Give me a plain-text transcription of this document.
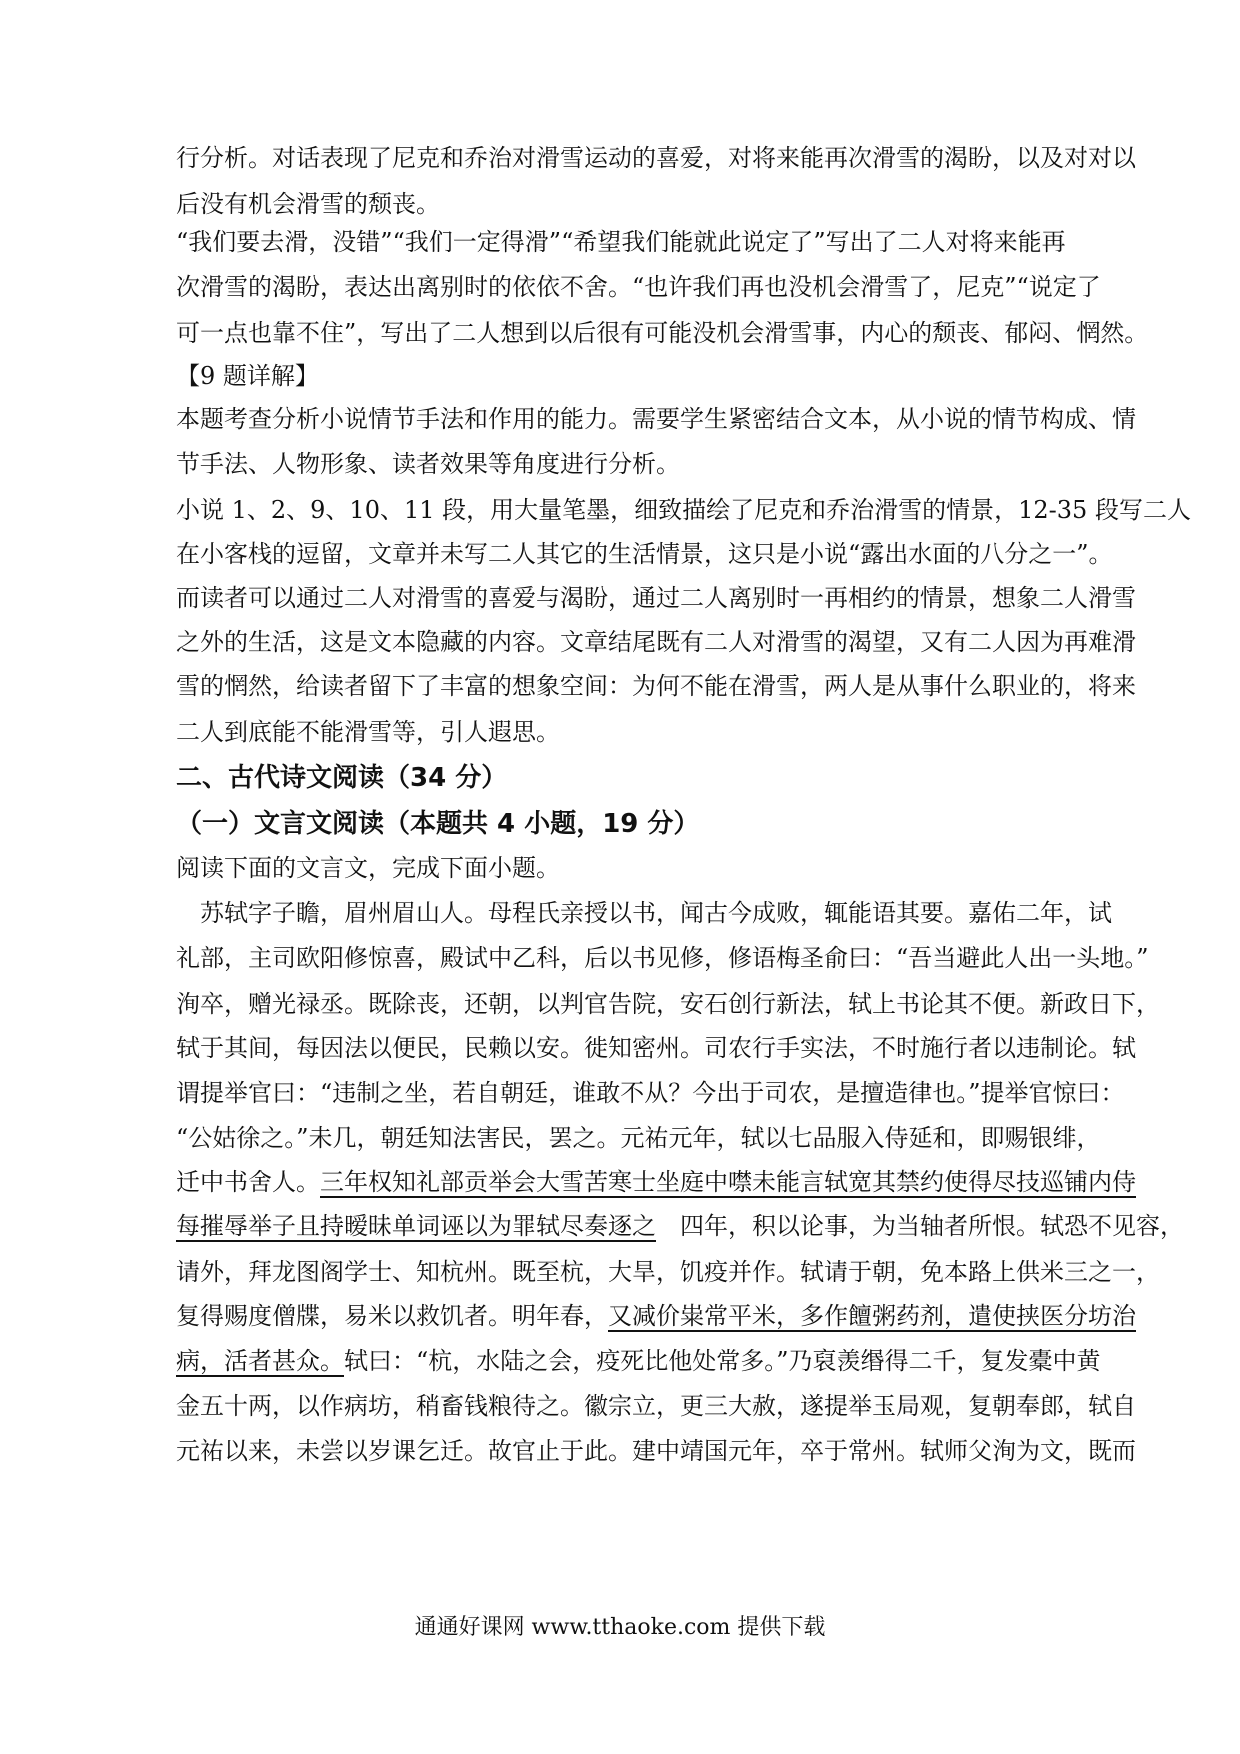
行分析。对话表现了尼克和乔治对滑雪运动的喜爱，对将来能再次滑雪的渴盼，以及对对以
后没有机会滑雪的颓丧。
“我们要去滑，没错”“我们一定得滑”“希望我们能就此说定了”写出了二人对将来能再
次滑雪的渴盼，表达出离别时的依依不舍。“也许我们再也没机会滑雪了，尼克”“说定了
可一点也靠不住”，写出了二人想到以后很有可能没机会滑雪事，内心的颓丧、郁闷、惘然。
【9 题详解】
本题考查分析小说情节手法和作用的能力。需要学生紧密结合文本，从小说的情节构成、情
节手法、人物形象、读者效果等角度进行分析。
小说 1、2、9、10、11 段，用大量笔墨，细致描绘了尼克和乔治滑雪的情景，12-35 段写二人
在小客栈的逗留，文章并未写二人其它的生活情景，这只是小说“露出水面的八分之一”。
而读者可以通过二人对滑雪的喜爱与渴盼，通过二人离别时一再相约的情景，想象二人滑雪
之外的生活，这是文本隐藏的内容。文章结尾既有二人对滑雪的渴望，又有二人因为再难滑
雪的惘然，给读者留下了丰富的想象空间：为何不能在滑雪，两人是从事什么职业的，将来
二人到底能不能滑雪等，引人遐思。
二、古代诗文阅读（34 分）
（一）文言文阅读（本题共 4 小题，19 分）
阅读下面的文言文，完成下面小题。
　苏轼字子瞻，眉州眉山人。母程氏亲授以书，闻古今成败，辄能语其要。嘉佑二年，试
礼部，主司欧阳修惊喜，殿试中乙科，后以书见修，修语梅圣俞曰：“吾当避此人出一头地。”
洵卒，赠光禄丞。既除丧，还朝，以判官告院，安石创行新法，轼上书论其不便。新政日下，
轼于其间，每因法以便民，民赖以安。徙知密州。司农行手实法，不时施行者以违制论。轼
谓提举官曰：“违制之坐，若自朝廷，谁敢不从？今出于司农，是擅造律也。”提举官惊曰：
“公姑徐之。”未几，朝廷知法害民，罢之。元祐元年，轼以七品服入侍延和，即赐银绯，
迁中书舍人。三年权知礼部贡举会大雪苦寒士坐庭中噤未能言轼宽其禁约使得尽技巡铺内侍
每摧辱举子且持暧昧单词诬以为罪轼尽奏逐之　四年，积以论事，为当轴者所恨。轼恐不见容，
请外，拜龙图阁学士、知杭州。既至杭，大旱，饥疫并作。轼请于朝，免本路上供米三之一，
复得赐度僧牒，易米以救饥者。明年春，又减价粜常平米，多作饘粥药剂，遣使挟医分坊治
病，活者甚众。轼曰：“杭，水陆之会，疫死比他处常多。”乃裒羡缗得二千，复发橐中黄
金五十两，以作病坊，稍畜钱粮待之。徽宗立，更三大赦，遂提举玉局观，复朝奉郎，轼自
元祐以来，未尝以岁课乞迁。故官止于此。建中靖国元年，卒于常州。轼师父洵为文，既而
通通好课网 www.tthaoke.com 提供下载
